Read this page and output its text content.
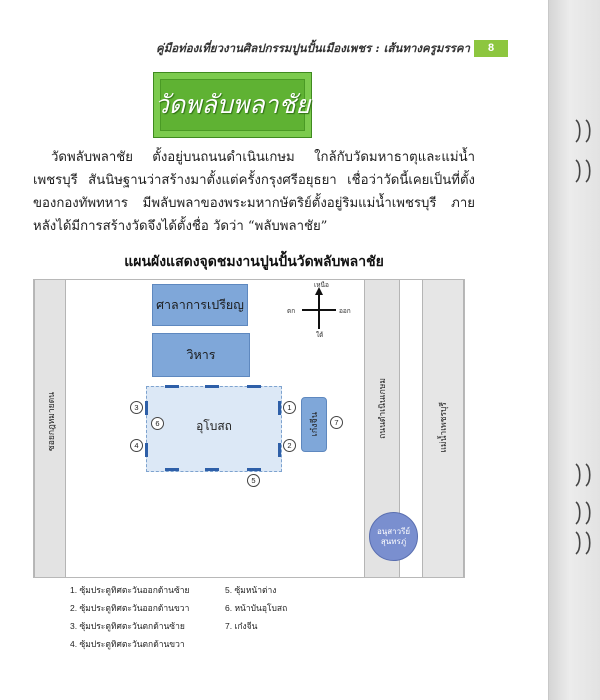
คู่มือท่องเที่ยวงานศิลปกรรมปูนปั้นเมืองเพชร : เส้นทางครูมรรคา	8
วัดพลับพลาชัย

วัดพลับพลาชัย ตั้งอยู่บนถนนดำเนินเกษม ใกล้กับวัดมหาธาตุและแม่น้ำเพชรบุรี สันนิษฐานว่าสร้างมาตั้งแต่ครั้งกรุงศรีอยุธยา เชื่อว่าวัดนี้เคยเป็นที่ตั้งของกองทัพทหาร มีพลับพลาของพระมหากษัตริย์ตั้งอยู่ริมแม่น้ำเพชรบุรี ภายหลังได้มีการสร้างวัดจึงได้ตั้งชื่อ วัดว่า “พลับพลาชัย”

แผนผังแสดงจุดชมงานปูนปั้นวัดพลับพลาชัย
ซอยกฎหมายดน	ถนนดำเนินเกษม	แม่น้ำเพชรบุรี
เหนือ
ใต้
ออก
ตก
ศาลาการเปรียญ
วิหาร
อุโบสถ	เก๋งจีน
1
2
3
4
5
6	7
อนุสาวรีย์
สุนทรภู่
1. ซุ้มประตูทิศตะวันออกด้านซ้าย
2. ซุ้มประตูทิศตะวันออกด้านขวา
3. ซุ้มประตูทิศตะวันตกด้านซ้าย
4. ซุ้มประตูทิศตะวันตกด้านขวา
5. ซุ้มหน้าต่าง
6. หน้าบันอุโบสถ
7. เก๋งจีน
